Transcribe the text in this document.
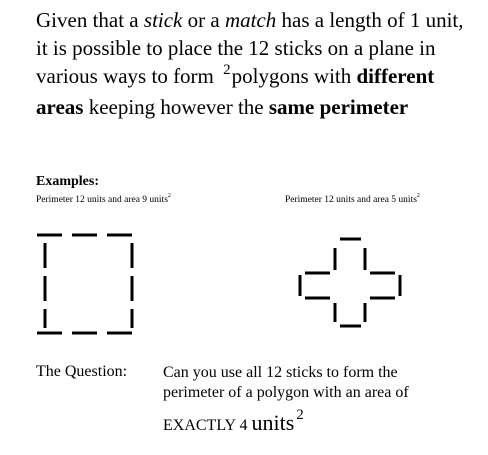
Given that a stick or a match has a length of 1 unit, it is possible to place the 12 sticks on a plane in various ways to form $^2$polygons with different areas keeping however the same perimeter
Examples:
Perimeter 12 units and area 9 units$^2$	Perimeter 12 units and area 5 units$^2$
The Question: Can you use all 12 sticks to form the
perimeter of a polygon with an area of
EXACTLY 4 units 2
